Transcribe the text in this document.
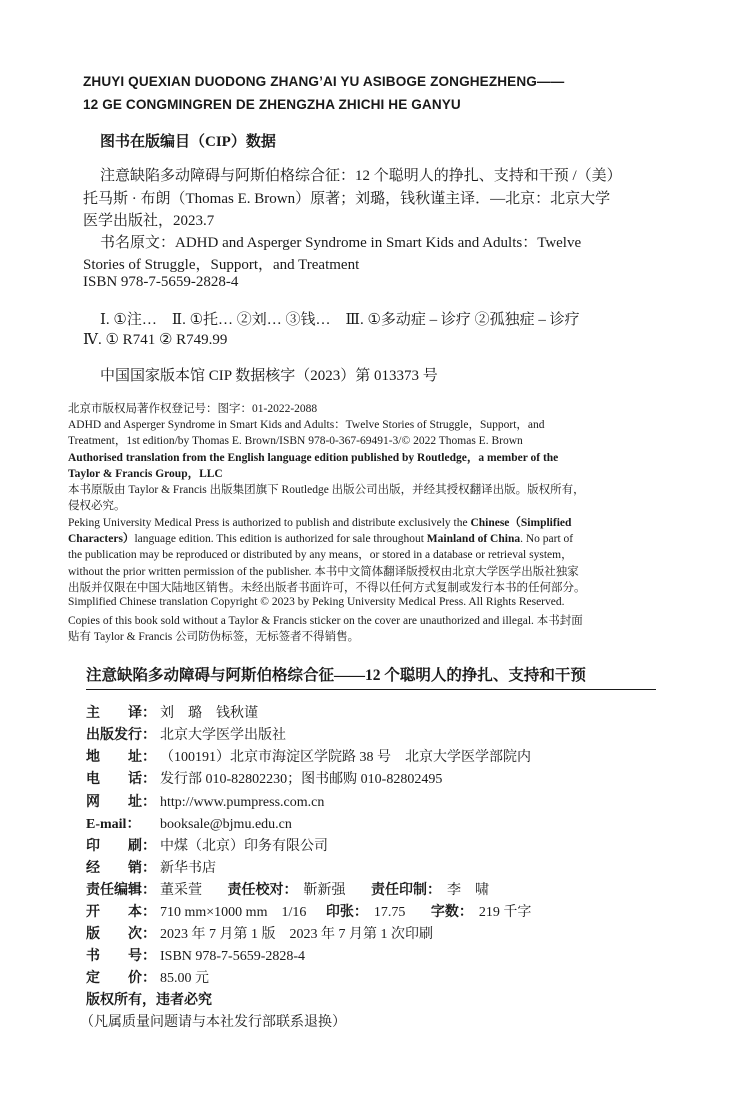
ZHUYI QUEXIAN DUODONG ZHANG’AI YU ASIBOGE ZONGHEZHENG——
12 GE CONGMINGREN DE ZHENGZHA ZHICHI HE GANYU
图书在版编目（CIP）数据
注意缺陷多动障碍与阿斯伯格综合征：12 个聪明人的挣扎、支持和干预 /（美）
托马斯 · 布朗（Thomas E. Brown）原著；刘璐，钱秋谨主译．—北京：北京大学
医学出版社，2023.7
书名原文：ADHD and Asperger Syndrome in Smart Kids and Adults：Twelve
Stories of Struggle，Support，and Treatment
ISBN 978-7-5659-2828-4
Ⅰ. ①注…　Ⅱ. ①托… ②刘… ③钱…　Ⅲ. ①多动症 – 诊疗 ②孤独症 – 诊疗
Ⅳ. ① R741 ② R749.99
中国国家版本馆 CIP 数据核字（2023）第 013373 号
北京市版权局著作权登记号：图字：01-2022-2088
ADHD and Asperger Syndrome in Smart Kids and Adults：Twelve Stories of Struggle，Support，and
Treatment，1st edition/by Thomas E. Brown/ISBN 978-0-367-69491-3/© 2022 Thomas E. Brown
Authorised translation from the English language edition published by Routledge，a member of the
Taylor & Francis Group，LLC
本书原版由 Taylor & Francis 出版集团旗下 Routledge 出版公司出版，并经其授权翻译出版。版权所有，
侵权必究。
Peking University Medical Press is authorized to publish and distribute exclusively the Chinese（Simplified
Characters）language edition. This edition is authorized for sale throughout Mainland of China. No part of
the publication may be reproduced or distributed by any means，or stored in a database or retrieval system，
without the prior written permission of the publisher. 本书中文简体翻译版授权由北京大学医学出版社独家
出版并仅限在中国大陆地区销售。未经出版者书面许可，不得以任何方式复制或发行本书的任何部分。
Simplified Chinese translation Copyright © 2023 by Peking University Medical Press. All Rights Reserved.
Copies of this book sold without a Taylor & Francis sticker on the cover are unauthorized and illegal. 本书封面
贴有 Taylor & Francis 公司防伪标签，无标签者不得销售。
注意缺陷多动障碍与阿斯伯格综合征——12 个聪明人的挣扎、支持和干预
主　　译： 刘　璐　钱秋谨
出版发行： 北京大学医学出版社
地　　址： （100191）北京市海淀区学院路 38 号　北京大学医学部院内
电　　话： 发行部 010-82802230；图书邮购 010-82802495
网　　址： http://www.pumpress.com.cn
E-mail： booksale@bjmu.edu.cn
印　　刷： 中煤（北京）印务有限公司
经　　销： 新华书店
责任编辑： 董采萱 责任校对： 靳新强 责任印制： 李　啸
开　　本： 710 mm×1000 mm　1/16 印张： 17.75 字数： 219 千字
版　　次： 2023 年 7 月第 1 版　2023 年 7 月第 1 次印刷
书　　号： ISBN 978-7-5659-2828-4
定　　价： 85.00 元
版权所有，违者必究
（凡属质量问题请与本社发行部联系退换）
